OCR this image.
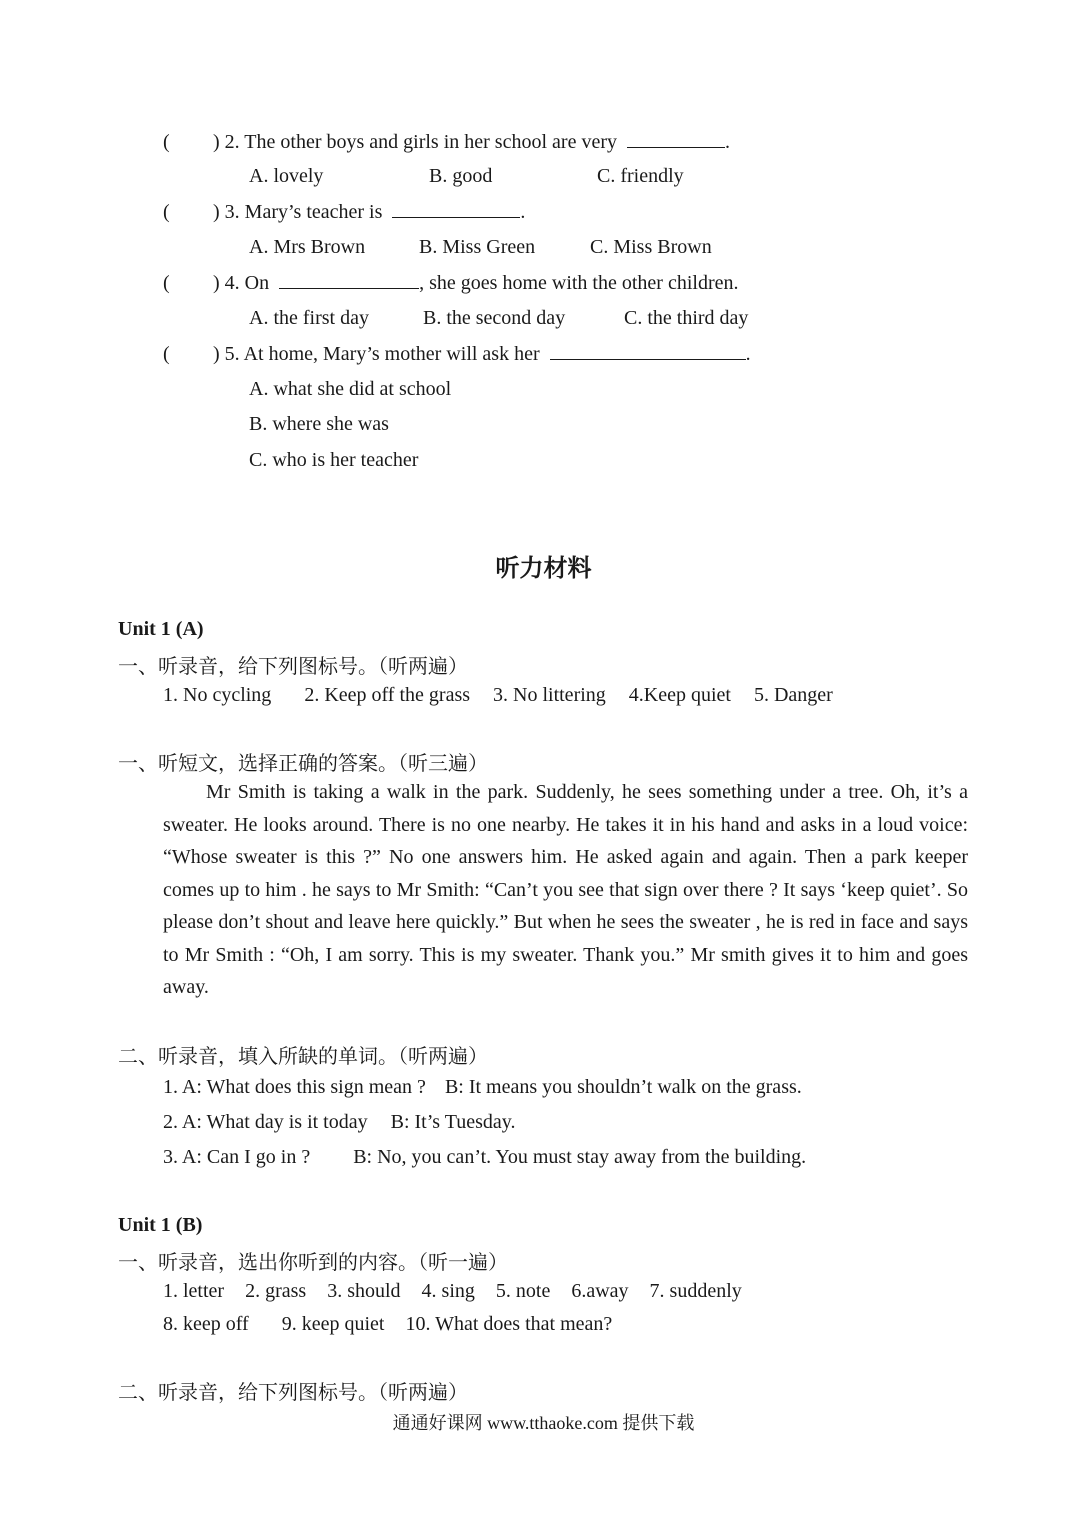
( ) 2. The other boys and girls in her school are very	.
A. lovely	B. good	C. friendly
( ) 3. Mary’s teacher is	.
A. Mrs Brown	B. Miss Green	C. Miss Brown
( ) 4. On	, she goes home with the other children.
A. the first day	B. the second day	C. the third day
( ) 5. At home, Mary’s mother will ask her	.
A. what she did at school
B. where she was
C. who is her teacher
听力材料
Unit 1 (A)
一、听录音，给下列图标号。（听两遍）
1. No cycling 2. Keep off the grass 3. No littering 4.Keep quiet 5. Danger
一、听短文，选择正确的答案。（听三遍）
Mr Smith is taking a walk in the park. Suddenly, he sees something under a tree. Oh, it’s a sweater. He looks around. There is no one nearby. He takes it in his hand and asks in a loud voice: “Whose sweater is this ?” No one answers him. He asked again and again. Then a park keeper comes up to him . he says to Mr Smith: “Can’t you see that sign over there ? It says ‘keep quiet’. So please don’t shout and leave here quickly.” But when he sees the sweater , he is red in face and says to Mr Smith : “Oh, I am sorry. This is my sweater. Thank you.” Mr smith gives it to him and goes away.
二、听录音，填入所缺的单词。（听两遍）
1. A: What does this sign mean ? B: It means you shouldn’t walk on the grass.
2. A: What day is it today B: It’s Tuesday.
3. A: Can I go in ? B: No, you can’t. You must stay away from the building.
Unit 1 (B)
一、听录音，选出你听到的内容。（听一遍）
1. letter 2. grass 3. should 4. sing 5. note 6.away 7. suddenly
8. keep off 9. keep quiet 10. What does that mean?
二、听录音，给下列图标号。（听两遍）
通通好课网 www.tthaoke.com 提供下载
